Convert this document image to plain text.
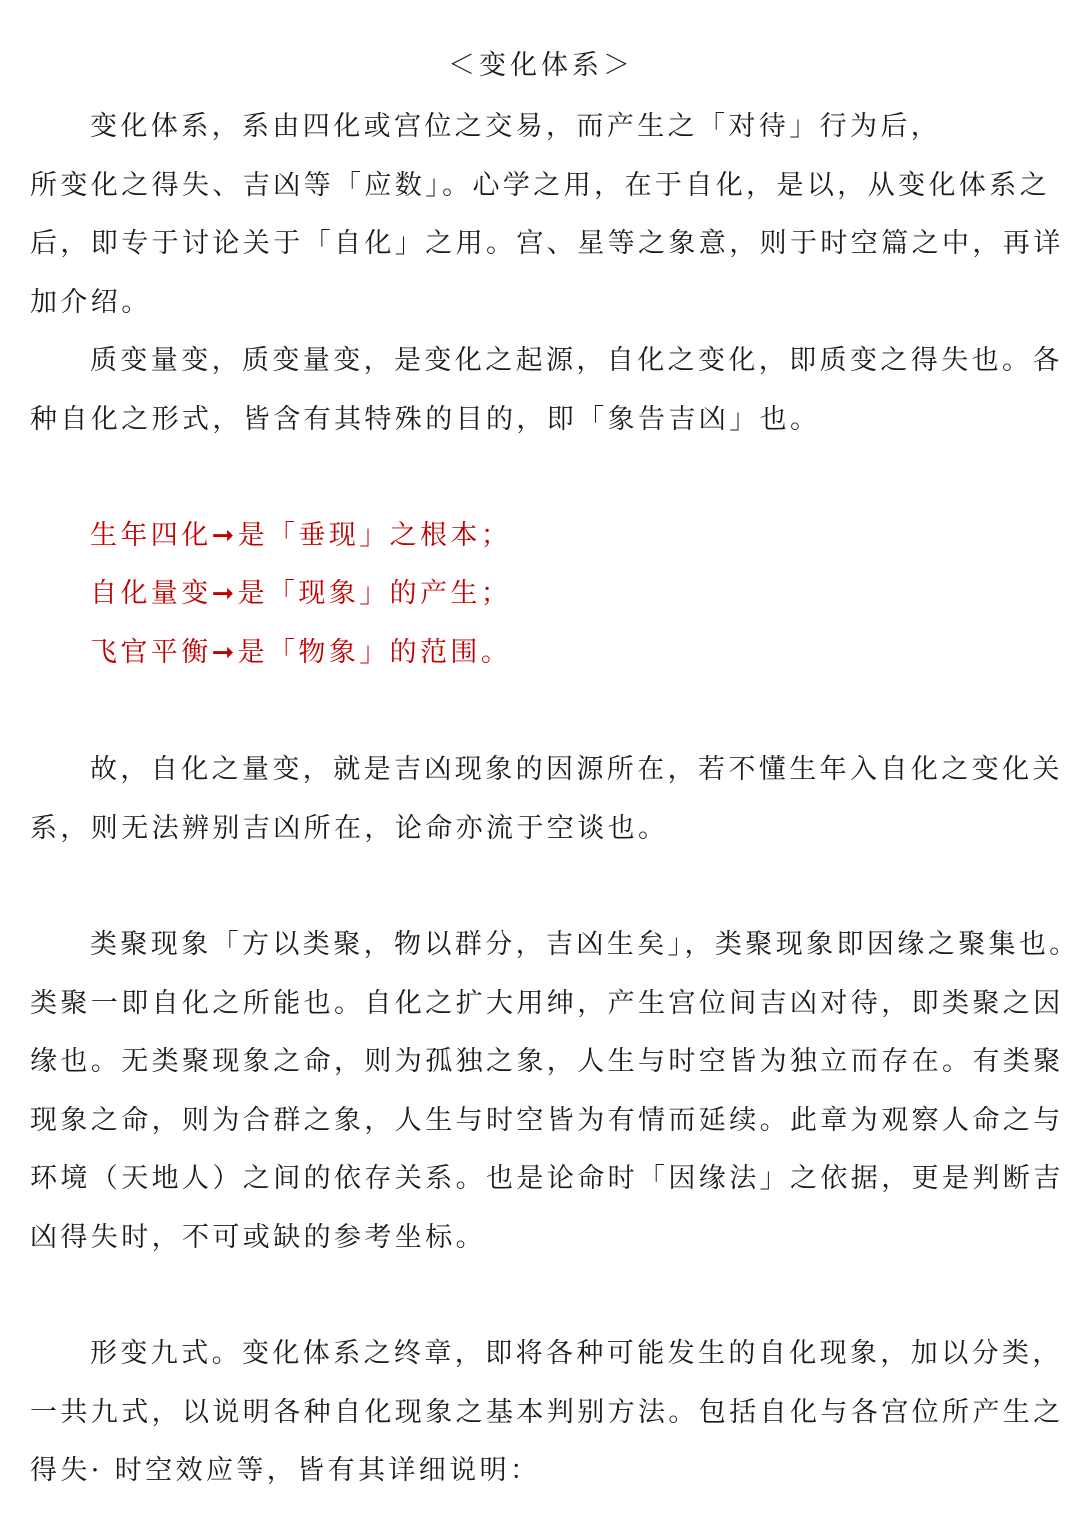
＜变化体系＞
变化体系，系由四化或宫位之交易，而产生之「对待」行为后，
所变化之得失、吉凶等「应数」。心学之用，在于自化，是以，从变化体系之
后，即专于讨论关于「自化」之用。宫、星等之象意，则于时空篇之中，再详
加介绍。
质变量变，质变量变，是变化之起源，自化之变化，即质变之得失也。各
种自化之形式，皆含有其特殊的目的，即「象告吉凶」也。
生年四化➞是「垂现」之根本；
自化量变➞是「现象」的产生；
飞官平衡➞是「物象」的范围。
故，自化之量变，就是吉凶现象的因源所在，若不懂生年入自化之变化关
系，则无法辨别吉凶所在，论命亦流于空谈也。
类聚现象「方以类聚，物以群分，吉凶生矣」，类聚现象即因缘之聚集也。
类聚一即自化之所能也。自化之扩大用绅，产生宫位间吉凶对待，即类聚之因
缘也。无类聚现象之命，则为孤独之象，人生与时空皆为独立而存在。有类聚
现象之命，则为合群之象，人生与时空皆为有情而延续。此章为观察人命之与
环境（天地人）之间的依存关系。也是论命时「因缘法」之依据，更是判断吉
凶得失时，不可或缺的参考坐标。
形变九式。变化体系之终章，即将各种可能发生的自化现象，加以分类，
一共九式，以说明各种自化现象之基本判别方法。包括自化与各宫位所产生之
得失· 时空效应等，皆有其详细说明：
